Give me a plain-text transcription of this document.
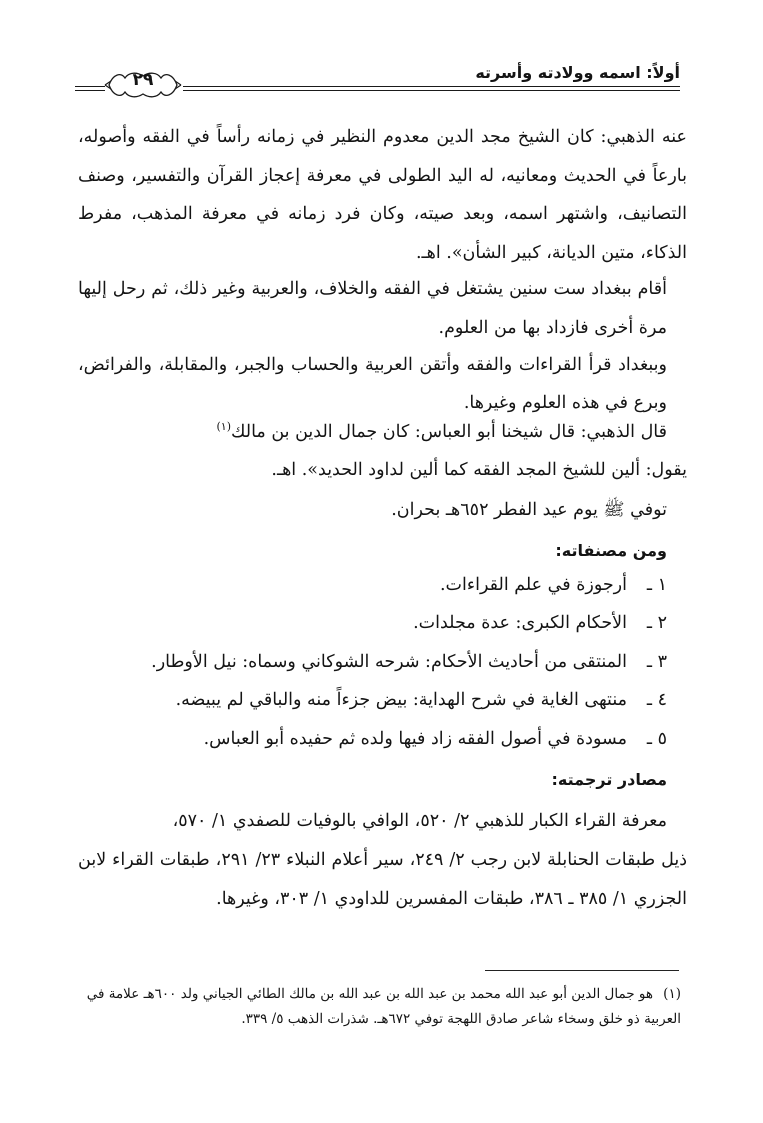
أولاً: اسمه وولادته وأسرته
٢٩
عنه الذهبي: كان الشيخ مجد الدين معدوم النظير في زمانه رأساً في الفقه وأصوله، بارعاً في الحديث ومعانيه، له اليد الطولى في معرفة إعجاز القرآن والتفسير، وصنف التصانيف، واشتهر اسمه، وبعد صيته، وكان فرد زمانه في معرفة المذهب، مفرط الذكاء، متين الديانة، كبير الشأن». اهـ.
أقام ببغداد ست سنين يشتغل في الفقه والخلاف، والعربية وغير ذلك، ثم رحل إليها مرة أخرى فازداد بها من العلوم.
وببغداد قرأ القراءات والفقه وأتقن العربية والحساب والجبر، والمقابلة، والفرائض، وبرع في هذه العلوم وغيرها.
قال الذهبي: قال شيخنا أبو العباس: كان جمال الدين بن مالك$^{(١)}$
يقول: ألين للشيخ المجد الفقه كما ألين لداود الحديد». اهـ.
توفي ﷺ يوم عيد الفطر ٦٥٢هـ بحران.
ومن مصنفاته:
١ ـأرجوزة في علم القراءات.
٢ ـالأحكام الكبرى: عدة مجلدات.
٣ ـالمنتقى من أحاديث الأحكام: شرحه الشوكاني وسماه: نيل الأوطار.
٤ ـمنتهى الغاية في شرح الهداية: بيض جزءاً منه والباقي لم يبيضه.
٥ ـمسودة في أصول الفقه زاد فيها ولده ثم حفيده أبو العباس.
مصادر ترجمته:
معرفة القراء الكبار للذهبي ٢/ ٥٢٠، الوافي بالوفيات للصفدي ١/ ٥٧٠،
ذيل طبقات الحنابلة لابن رجب ٢/ ٢٤٩، سير أعلام النبلاء ٢٣/ ٢٩١، طبقات القراء لابن الجزري ١/ ٣٨٥ ـ ٣٨٦، طبقات المفسرين للداودي ١/ ٣٠٣، وغيرها.
(١)هو جمال الدين أبو عبد الله محمد بن عبد الله بن عبد الله بن مالك الطائي الجياني ولد ٦٠٠هـ علامة في العربية ذو خلق وسخاء شاعر صادق اللهجة توفي ٦٧٢هـ. شذرات الذهب ٥/ ٣٣٩.
